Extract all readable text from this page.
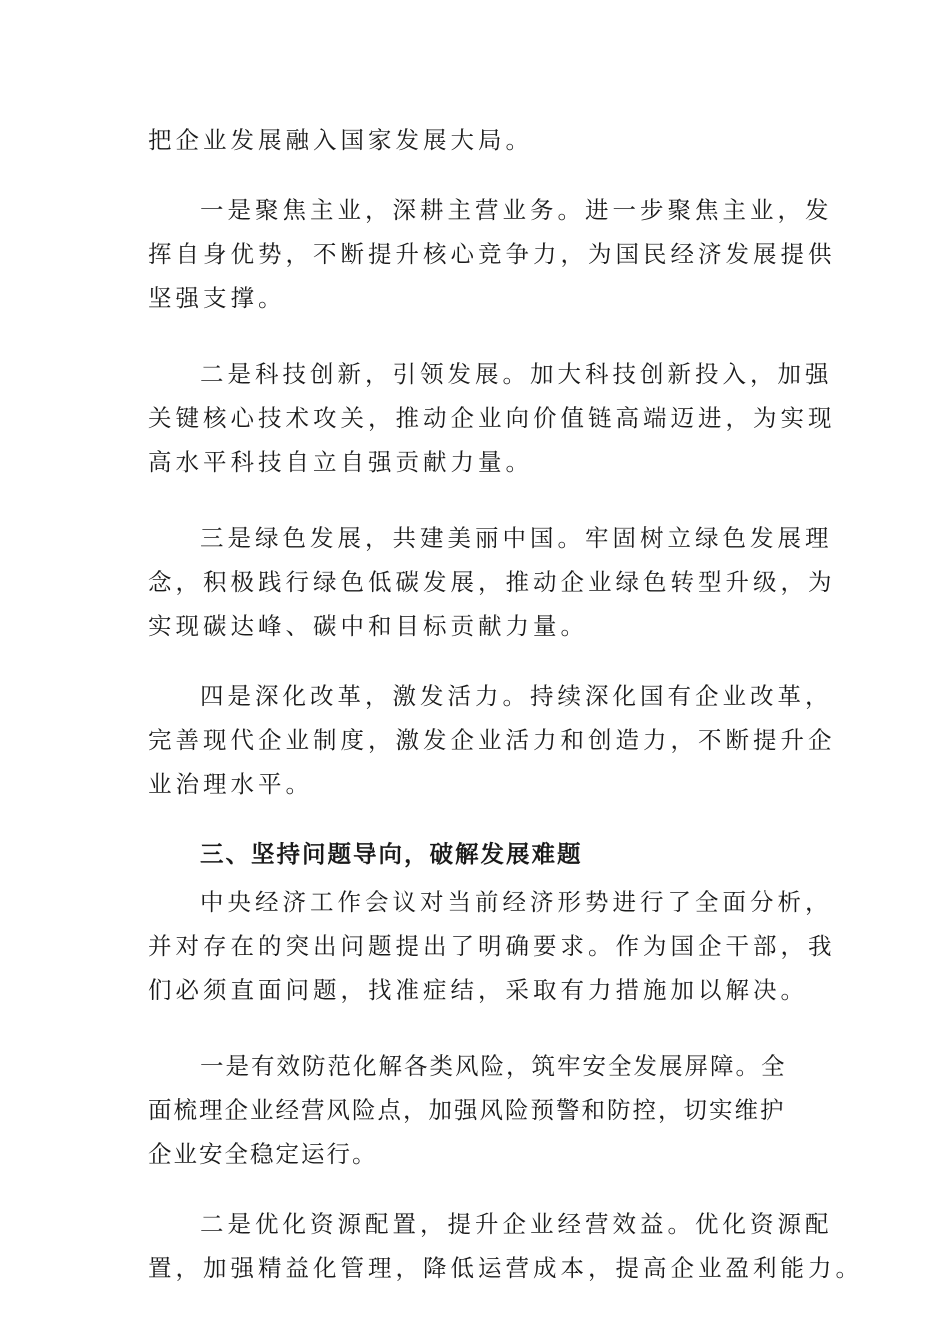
把企业发展融入国家发展大局。
一是聚焦主业，深耕主营业务。进一步聚焦主业，发
挥自身优势，不断提升核心竞争力，为国民经济发展提供
坚强支撑。
二是科技创新，引领发展。加大科技创新投入，加强
关键核心技术攻关，推动企业向价值链高端迈进，为实现
高水平科技自立自强贡献力量。
三是绿色发展，共建美丽中国。牢固树立绿色发展理
念，积极践行绿色低碳发展，推动企业绿色转型升级，为
实现碳达峰、碳中和目标贡献力量。
四是深化改革，激发活力。持续深化国有企业改革，
完善现代企业制度，激发企业活力和创造力，不断提升企
业治理水平。
三、坚持问题导向，破解发展难题
中央经济工作会议对当前经济形势进行了全面分析，
并对存在的突出问题提出了明确要求。作为国企干部，我
们必须直面问题，找准症结，采取有力措施加以解决。
一是有效防范化解各类风险，筑牢安全发展屏障。全
面梳理企业经营风险点，加强风险预警和防控，切实维护
企业安全稳定运行。
二是优化资源配置，提升企业经营效益。优化资源配
置，加强精益化管理，降低运营成本，提高企业盈利能力。
